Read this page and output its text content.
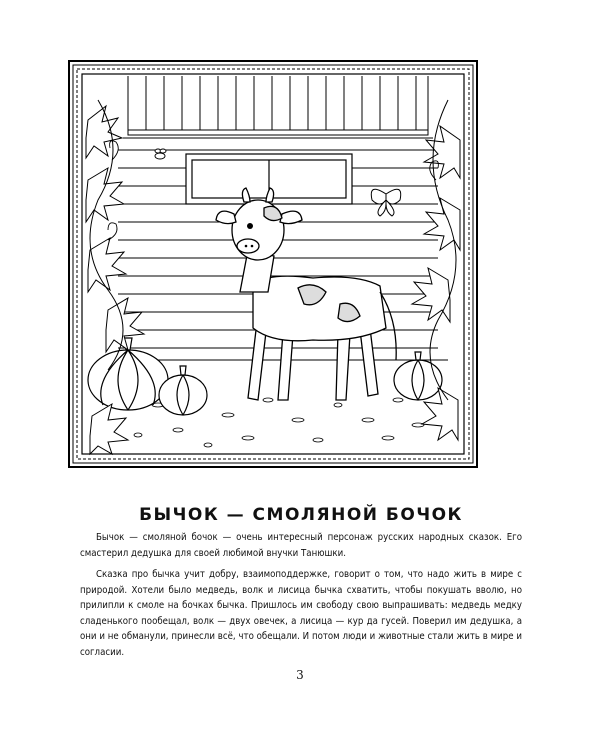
БЫЧОК — СМОЛЯНОЙ БОЧОК

Бычок — смоляной бочок — очень интересный персонаж русских народных сказок. Его смастерил дедушка для своей любимой внучки Танюшки.

Сказка про бычка учит добру, взаимоподдержке, говорит о том, что надо жить в мире с природой. Хотели было медведь, волк и лисица бычка схватить, чтобы покушать вволю, но прилипли к смоле на бочках бычка. Пришлось им свободу свою выпрашивать: медведь медку сладенького пообещал, волк — двух овечек, а лисица — кур да гусей. Поверил им дедушка, а они и не обманули, принесли всё, что обещали. И потом люди и животные стали жить в мире и согласии.

3
